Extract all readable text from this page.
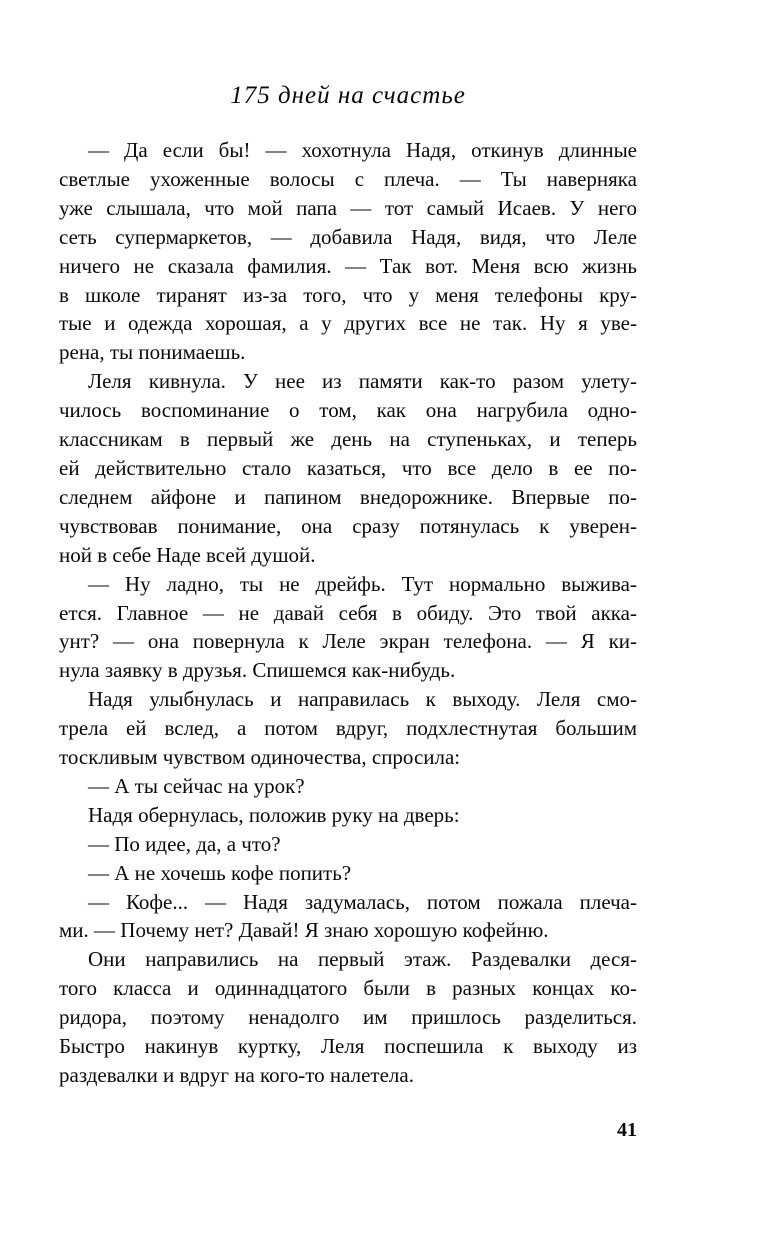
175 дней на счастье
— Да если бы! — хохотнула Надя, откинув длинные
светлые ухоженные волосы с плеча. — Ты наверняка
уже слышала, что мой папа — тот самый Исаев. У него
сеть супермаркетов, — добавила Надя, видя, что Леле
ничего не сказала фамилия. — Так вот. Меня всю жизнь
в школе тиранят из-за того, что у меня телефоны кру-
тые и одежда хорошая, а у других все не так. Ну я уве-
рена, ты понимаешь.
Леля кивнула. У нее из памяти как-то разом улету-
чилось воспоминание о том, как она нагрубила одно-
классникам в первый же день на ступеньках, и теперь
ей действительно стало казаться, что все дело в ее по-
следнем айфоне и папином внедорожнике. Впервые по-
чувствовав понимание, она сразу потянулась к уверен-
ной в себе Наде всей душой.
— Ну ладно, ты не дрейфь. Тут нормально выжива-
ется. Главное — не давай себя в обиду. Это твой акка-
унт? — она повернула к Леле экран телефона. — Я ки-
нула заявку в друзья. Спишемся как-нибудь.
Надя улыбнулась и направилась к выходу. Леля смо-
трела ей вслед, а потом вдруг, подхлестнутая большим
тоскливым чувством одиночества, спросила:
— А ты сейчас на урок?
Надя обернулась, положив руку на дверь:
— По идее, да, а что?
— А не хочешь кофе попить?
— Кофе... — Надя задумалась, потом пожала плеча-
ми. — Почему нет? Давай! Я знаю хорошую кофейню.
Они направились на первый этаж. Раздевалки деся-
того класса и одиннадцатого были в разных концах ко-
ридора, поэтому ненадолго им пришлось разделиться.
Быстро накинув куртку, Леля поспешила к выходу из
раздевалки и вдруг на кого-то налетела.
41
